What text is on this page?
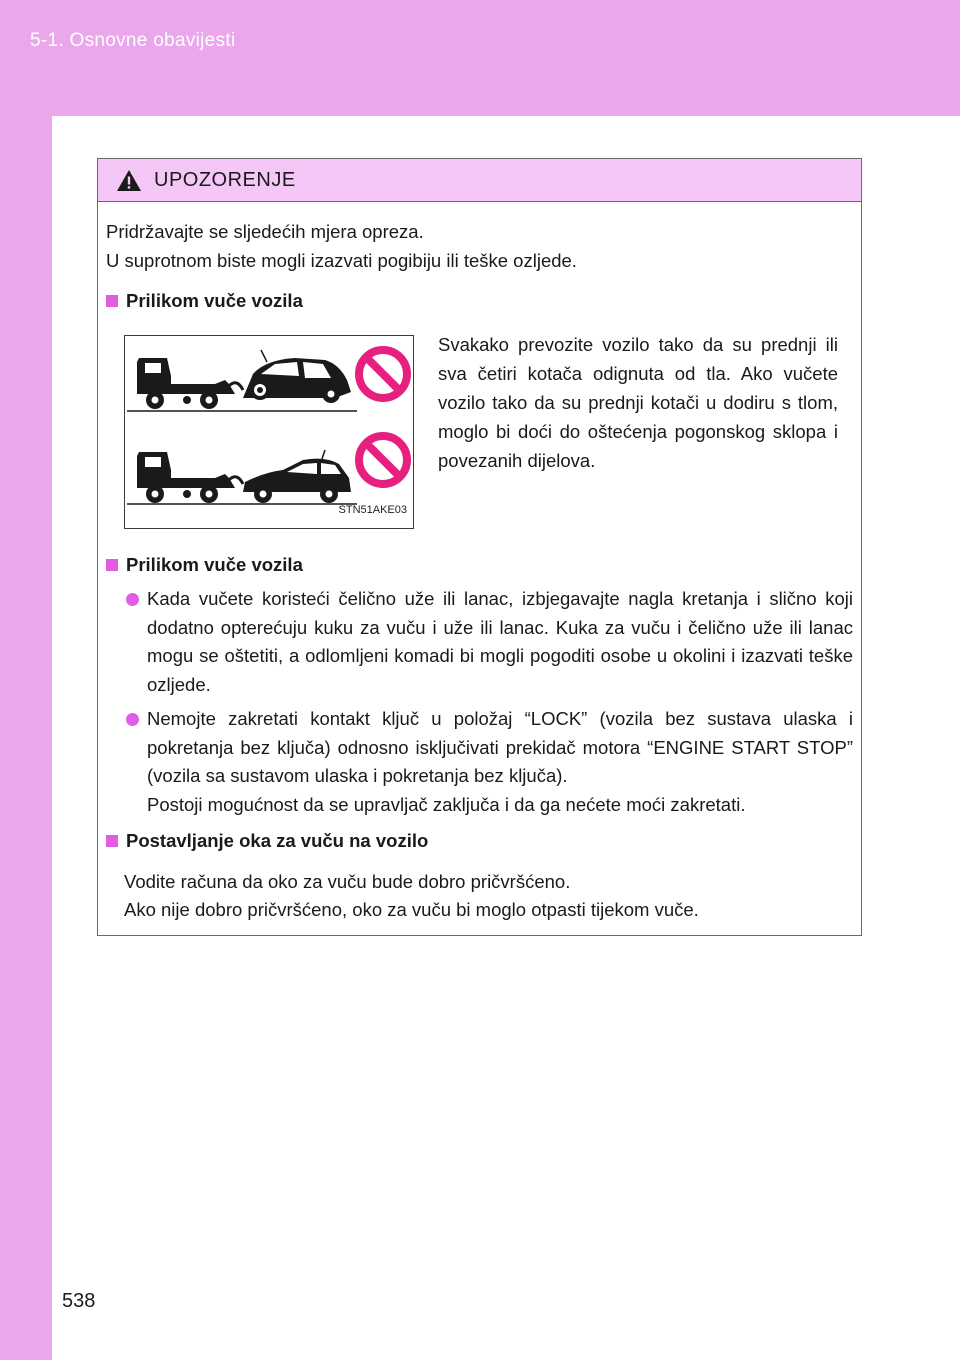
5-1. Osnovne obavijesti
538
UPOZORENJE

Pridržavajte se sljedećih mjera opreza.

U suprotnom biste mogli izazvati pogibiju ili teške ozljede.

Prilikom vuče vozila
STN51AKE03
Svakako prevozite vozilo tako da su prednji ili sva četiri kotača odignuta od tla. Ako vučete vozilo tako da su prednji kotači u dodiru s tlom, moglo bi doći do oštećenja pogonskog sklopa i povezanih dijelova.
Prilikom vuče vozila
Kada vučete koristeći čelično uže ili lanac, izbjegavajte nagla kretanja i slično koji dodatno opterećuju kuku za vuču i uže ili lanac. Kuka za vuču i čelično uže ili lanac mogu se oštetiti, a odlomljeni komadi bi mogli pogoditi osobe u okolini i izazvati teške ozljede.
Nemojte zakretati kontakt ključ u položaj “LOCK” (vozila bez sustava ulaska i pokretanja bez ključa) odnosno isključivati prekidač motora “ENGINE START STOP” (vozila sa sustavom ulaska i pokretanja bez ključa).
Postoji mogućnost da se upravljač zaključa i da ga nećete moći zakretati.
Postavljanje oka za vuču na vozilo

Vodite računa da oko za vuču bude dobro pričvršćeno.

Ako nije dobro pričvršćeno, oko za vuču bi moglo otpasti tijekom vuče.
